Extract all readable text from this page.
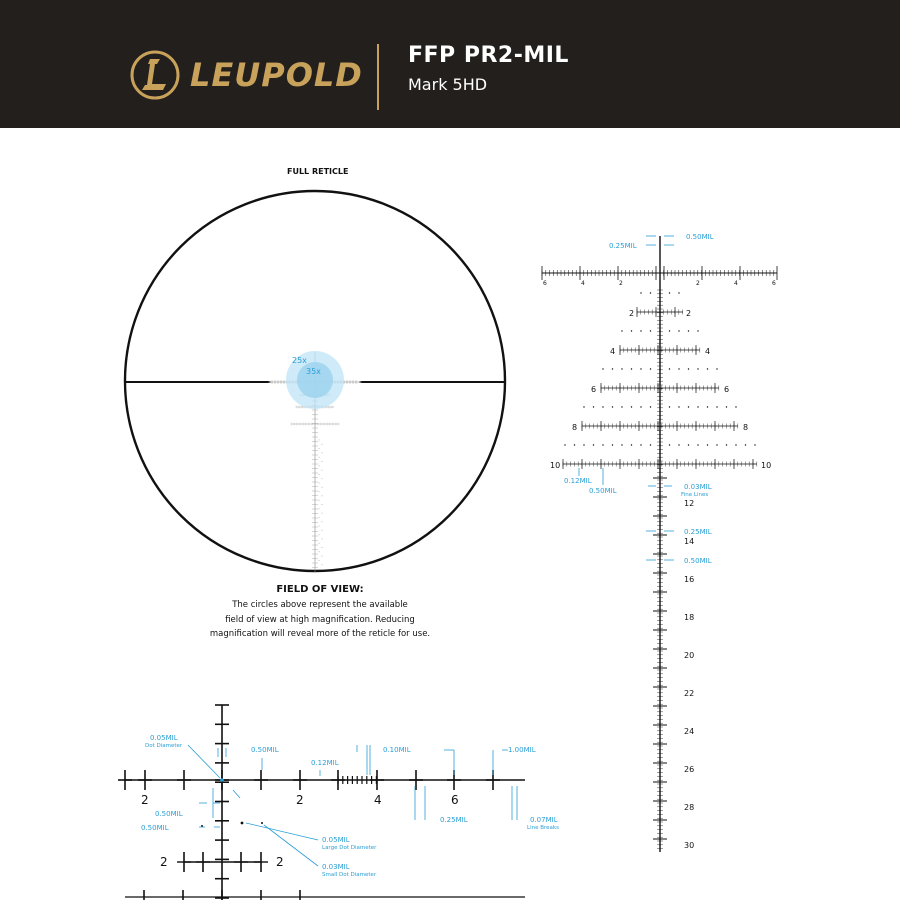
LEUPOLD
FFP PR2-MIL
Mark 5HD
FULL RETICLE
25x
35x
0.50MIL
0.25MIL
6	4	2	2	4	6
2	2
4	4
6	6
8	8
10	10
0.12MIL
0.50MIL	0.03MIL
Fine Lines
0.25MIL
0.50MIL
12
14
16
18
20
22
24
26
28
30
2	2	4	6
2	2
0.05MIL
Dot Diameter	0.50MIL
0.12MIL
0.10MIL	1.00MIL
0.50MIL
0.50MIL
0.25MIL	0.07MIL
Line Breaks
0.05MIL
Large Dot Diameter
0.03MIL
Small Dot Diameter
FIELD OF VIEW:
The circles above represent the available
field of view at high magnification. Reducing
magnification will reveal more of the reticle for use.
